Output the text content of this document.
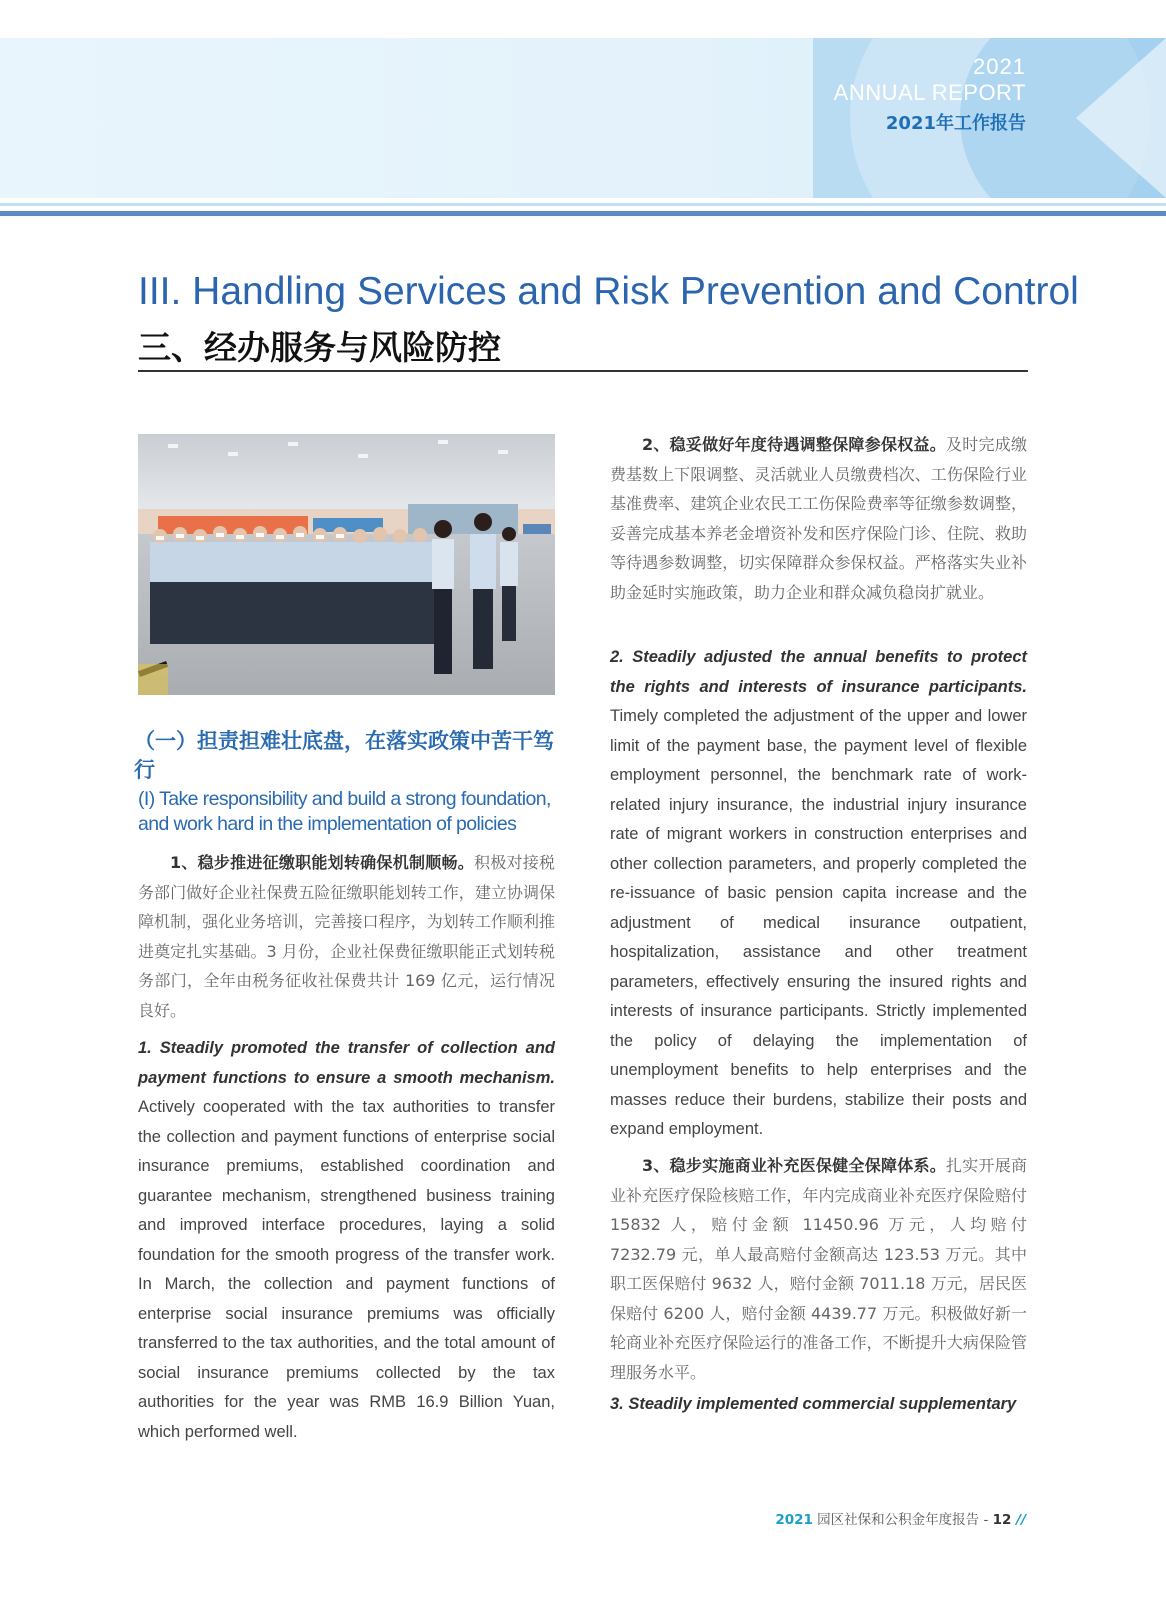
2021
ANNUAL REPORT
2021年工作报告
III. Handling Services and Risk Prevention and Control
三、经办服务与风险防控
（一）担责担难壮底盘，在落实政策中苦干笃行
(I) Take responsibility and build a strong foundation, and work hard in the implementation of policies

1、稳步推进征缴职能划转确保机制顺畅。积极对接税务部门做好企业社保费五险征缴职能划转工作，建立协调保障机制，强化业务培训，完善接口程序，为划转工作顺利推进奠定扎实基础。3 月份，企业社保费征缴职能正式划转税务部门，全年由税务征收社保费共计 169 亿元，运行情况良好。

1. Steadily promoted the transfer of collection and payment functions to ensure a smooth mechanism. Actively cooperated with the tax authorities to transfer the collection and payment functions of enterprise social insurance premiums, established coordination and guarantee mechanism, strengthened business training and improved interface procedures, laying a solid foundation for the smooth progress of the transfer work. In March, the collection and payment functions of enterprise social insurance premiums was officially transferred to the tax authorities, and the total amount of social insurance premiums collected by the tax authorities for the year was RMB 16.9 Billion Yuan, which performed well.

2、稳妥做好年度待遇调整保障参保权益。及时完成缴费基数上下限调整、灵活就业人员缴费档次、工伤保险行业基准费率、建筑企业农民工工伤保险费率等征缴参数调整，妥善完成基本养老金增资补发和医疗保险门诊、住院、救助等待遇参数调整，切实保障群众参保权益。严格落实失业补助金延时实施政策，助力企业和群众减负稳岗扩就业。

2. Steadily adjusted the annual benefits to protect the rights and interests of insurance participants. Timely completed the adjustment of the upper and lower limit of the payment base, the payment level of flexible employment personnel, the benchmark rate of work-related injury insurance, the industrial injury insurance rate of migrant workers in construction enterprises and other collection parameters, and properly completed the re-issuance of basic pension capita increase and the adjustment of medical insurance outpatient, hospitalization, assistance and other treatment parameters, effectively ensuring the insured rights and interests of insurance participants. Strictly implemented the policy of delaying the implementation of unemployment benefits to help enterprises and the masses reduce their burdens, stabilize their posts and expand employment.

3、稳步实施商业补充医保健全保障体系。扎实开展商业补充医疗保险核赔工作，年内完成商业补充医疗保险赔付 15832 人，赔付金额 11450.96 万元，人均赔付 7232.79 元，单人最高赔付金额高达 123.53 万元。其中职工医保赔付 9632 人，赔付金额 7011.18 万元，居民医保赔付 6200 人，赔付金额 4439.77 万元。积极做好新一轮商业补充医疗保险运行的准备工作，不断提升大病保险管理服务水平。

3. Steadily implemented commercial supplementary

2021 园区社保和公积金年度报告 - 12 //
